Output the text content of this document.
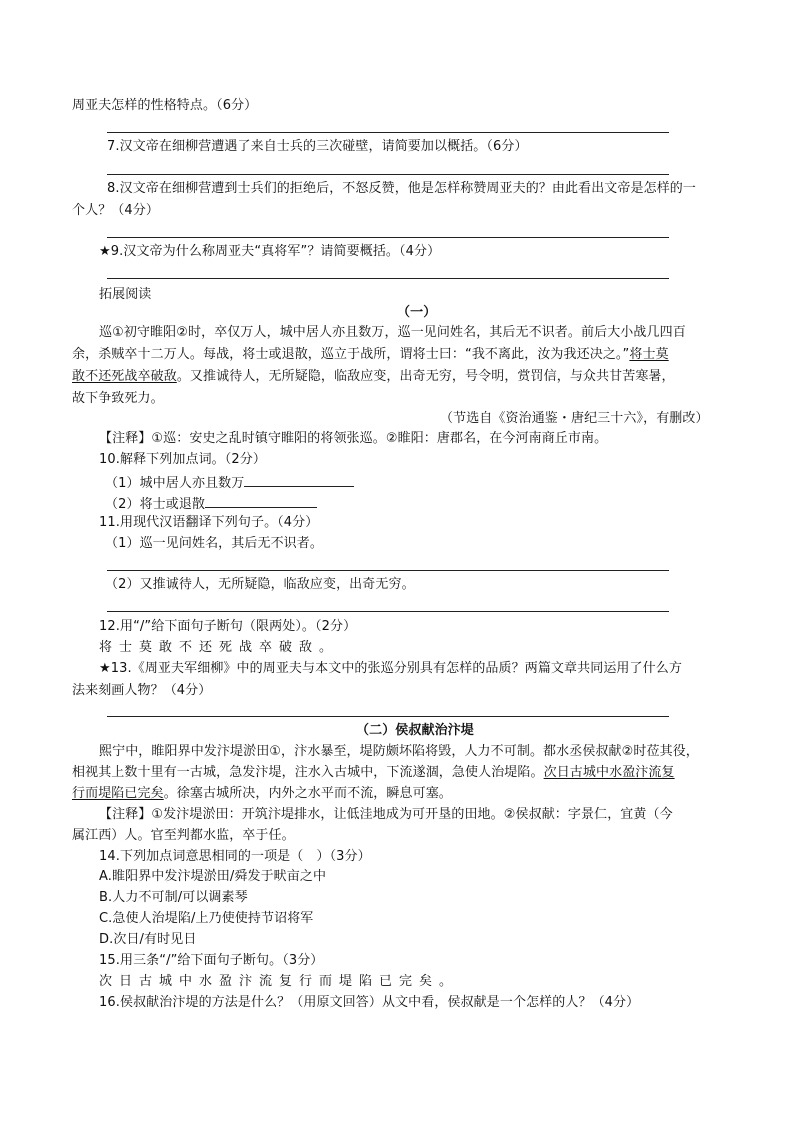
周亚夫怎样的性格特点。（6分）
7.汉文帝在细柳营遭遇了来自士兵的三次碰壁，请简要加以概括。（6分）
8.汉文帝在细柳营遭到士兵们的拒绝后，不怒反赞，他是怎样称赞周亚夫的？由此看出文帝是怎样的一
个人？（4分）
★9.汉文帝为什么称周亚夫“真将军”？请简要概括。（4分）
拓展阅读
（一）
巡①初守睢阳②时，卒仅万人，城中居人亦且数万，巡一见问姓名，其后无不识者。前后大小战几四百
余，杀贼卒十二万人。每战，将士或退散，巡立于战所，谓将士曰：“我不离此，汝为我还决之。”将士莫
敢不还死战卒破敌。又推诚待人，无所疑隐，临敌应变，出奇无穷，号令明，赏罚信，与众共甘苦寒暑，
故下争致死力。
（节选自《资治通鉴・唐纪三十六》，有删改）
【注释】①巡：安史之乱时镇守睢阳的将领张巡。②睢阳：唐郡名，在今河南商丘市南。
10.解释下列加点词。（2分）
（1）城中居人亦且数万
（2）将士或退散
11.用现代汉语翻译下列句子。（4分）
（1）巡一见问姓名，其后无不识者。
（2）又推诚待人，无所疑隐，临敌应变，出奇无穷。
12.用“/”给下面句子断句（限两处）。（2分）
将士莫敢不还死战卒破敌。
★13.《周亚夫军细柳》中的周亚夫与本文中的张巡分别具有怎样的品质？两篇文章共同运用了什么方
法来刻画人物？（4分）
（二）侯叔献治汴堤
熙宁中，睢阳界中发汴堤淤田①，汴水暴至，堤防颇坏陷将毁，人力不可制。都水丞侯叔献②时莅其役，
相视其上数十里有一古城，急发汴堤，注水入古城中，下流遂涸，急使人治堤陷。次日古城中水盈汴流复
行而堤陷已完矣。徐塞古城所决，内外之水平而不流，瞬息可塞。
【注释】①发汴堤淤田：开筑汴堤排水，让低洼地成为可开垦的田地。②侯叔献：字景仁，宜黄（今
属江西）人。官至判都水监，卒于任。
14.下列加点词意思相同的一项是（　）（3分）
A.睢阳界中发汴堤淤田/舜发于畎亩之中
B.人力不可制/可以调素琴
C.急使人治堤陷/上乃使使持节诏将军
D.次日/有时见日
15.用三条“/”给下面句子断句。（3分）
次日古城中水盈汴流复行而堤陷已完矣。
16.侯叔献治汴堤的方法是什么？（用原文回答）从文中看，侯叔献是一个怎样的人？（4分）
